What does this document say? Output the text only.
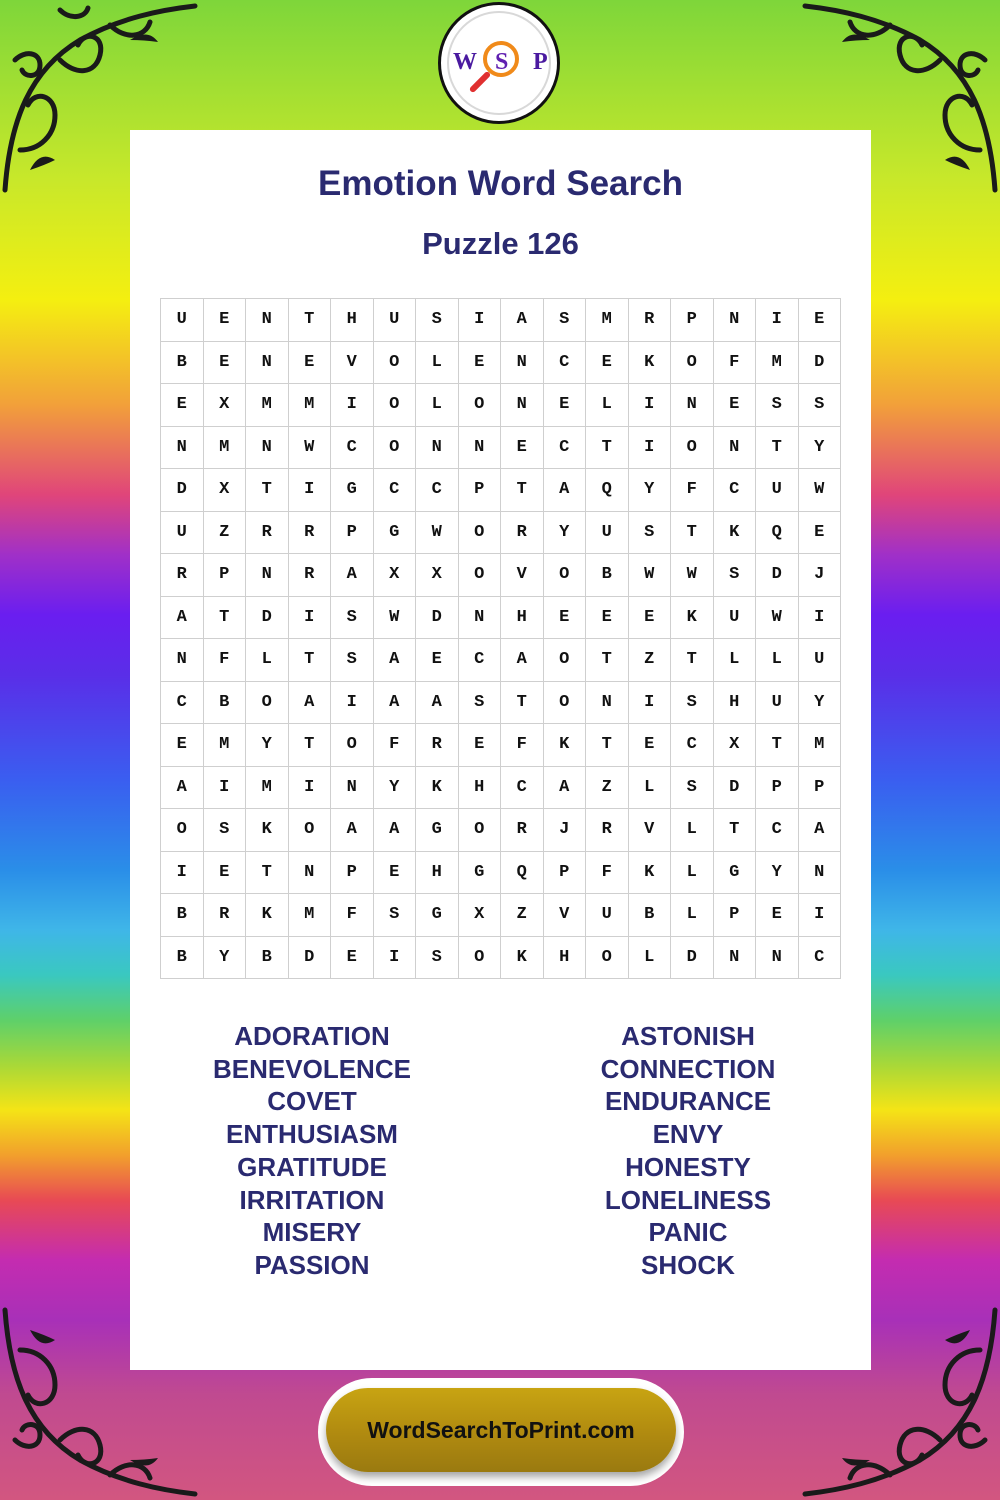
W S P
Emotion Word Search
Puzzle 126
U	E	N	T	H	U	S	I	A	S	M	R	P	N	I	E
B	E	N	E	V	O	L	E	N	C	E	K	O	F	M	D
E	X	M	M	I	O	L	O	N	E	L	I	N	E	S	S
N	M	N	W	C	O	N	N	E	C	T	I	O	N	T	Y
D	X	T	I	G	C	C	P	T	A	Q	Y	F	C	U	W
U	Z	R	R	P	G	W	O	R	Y	U	S	T	K	Q	E
R	P	N	R	A	X	X	O	V	O	B	W	W	S	D	J
A	T	D	I	S	W	D	N	H	E	E	E	K	U	W	I
N	F	L	T	S	A	E	C	A	O	T	Z	T	L	L	U
C	B	O	A	I	A	A	S	T	O	N	I	S	H	U	Y
E	M	Y	T	O	F	R	E	F	K	T	E	C	X	T	M
A	I	M	I	N	Y	K	H	C	A	Z	L	S	D	P	P
O	S	K	O	A	A	G	O	R	J	R	V	L	T	C	A
I	E	T	N	P	E	H	G	Q	P	F	K	L	G	Y	N
B	R	K	M	F	S	G	X	Z	V	U	B	L	P	E	I
B	Y	B	D	E	I	S	O	K	H	O	L	D	N	N	C
ADORATION
BENEVOLENCE
COVET
ENTHUSIASM
GRATITUDE
IRRITATION
MISERY
PASSION
ASTONISH
CONNECTION
ENDURANCE
ENVY
HONESTY
LONELINESS
PANIC
SHOCK
WordSearchToPrint.com
